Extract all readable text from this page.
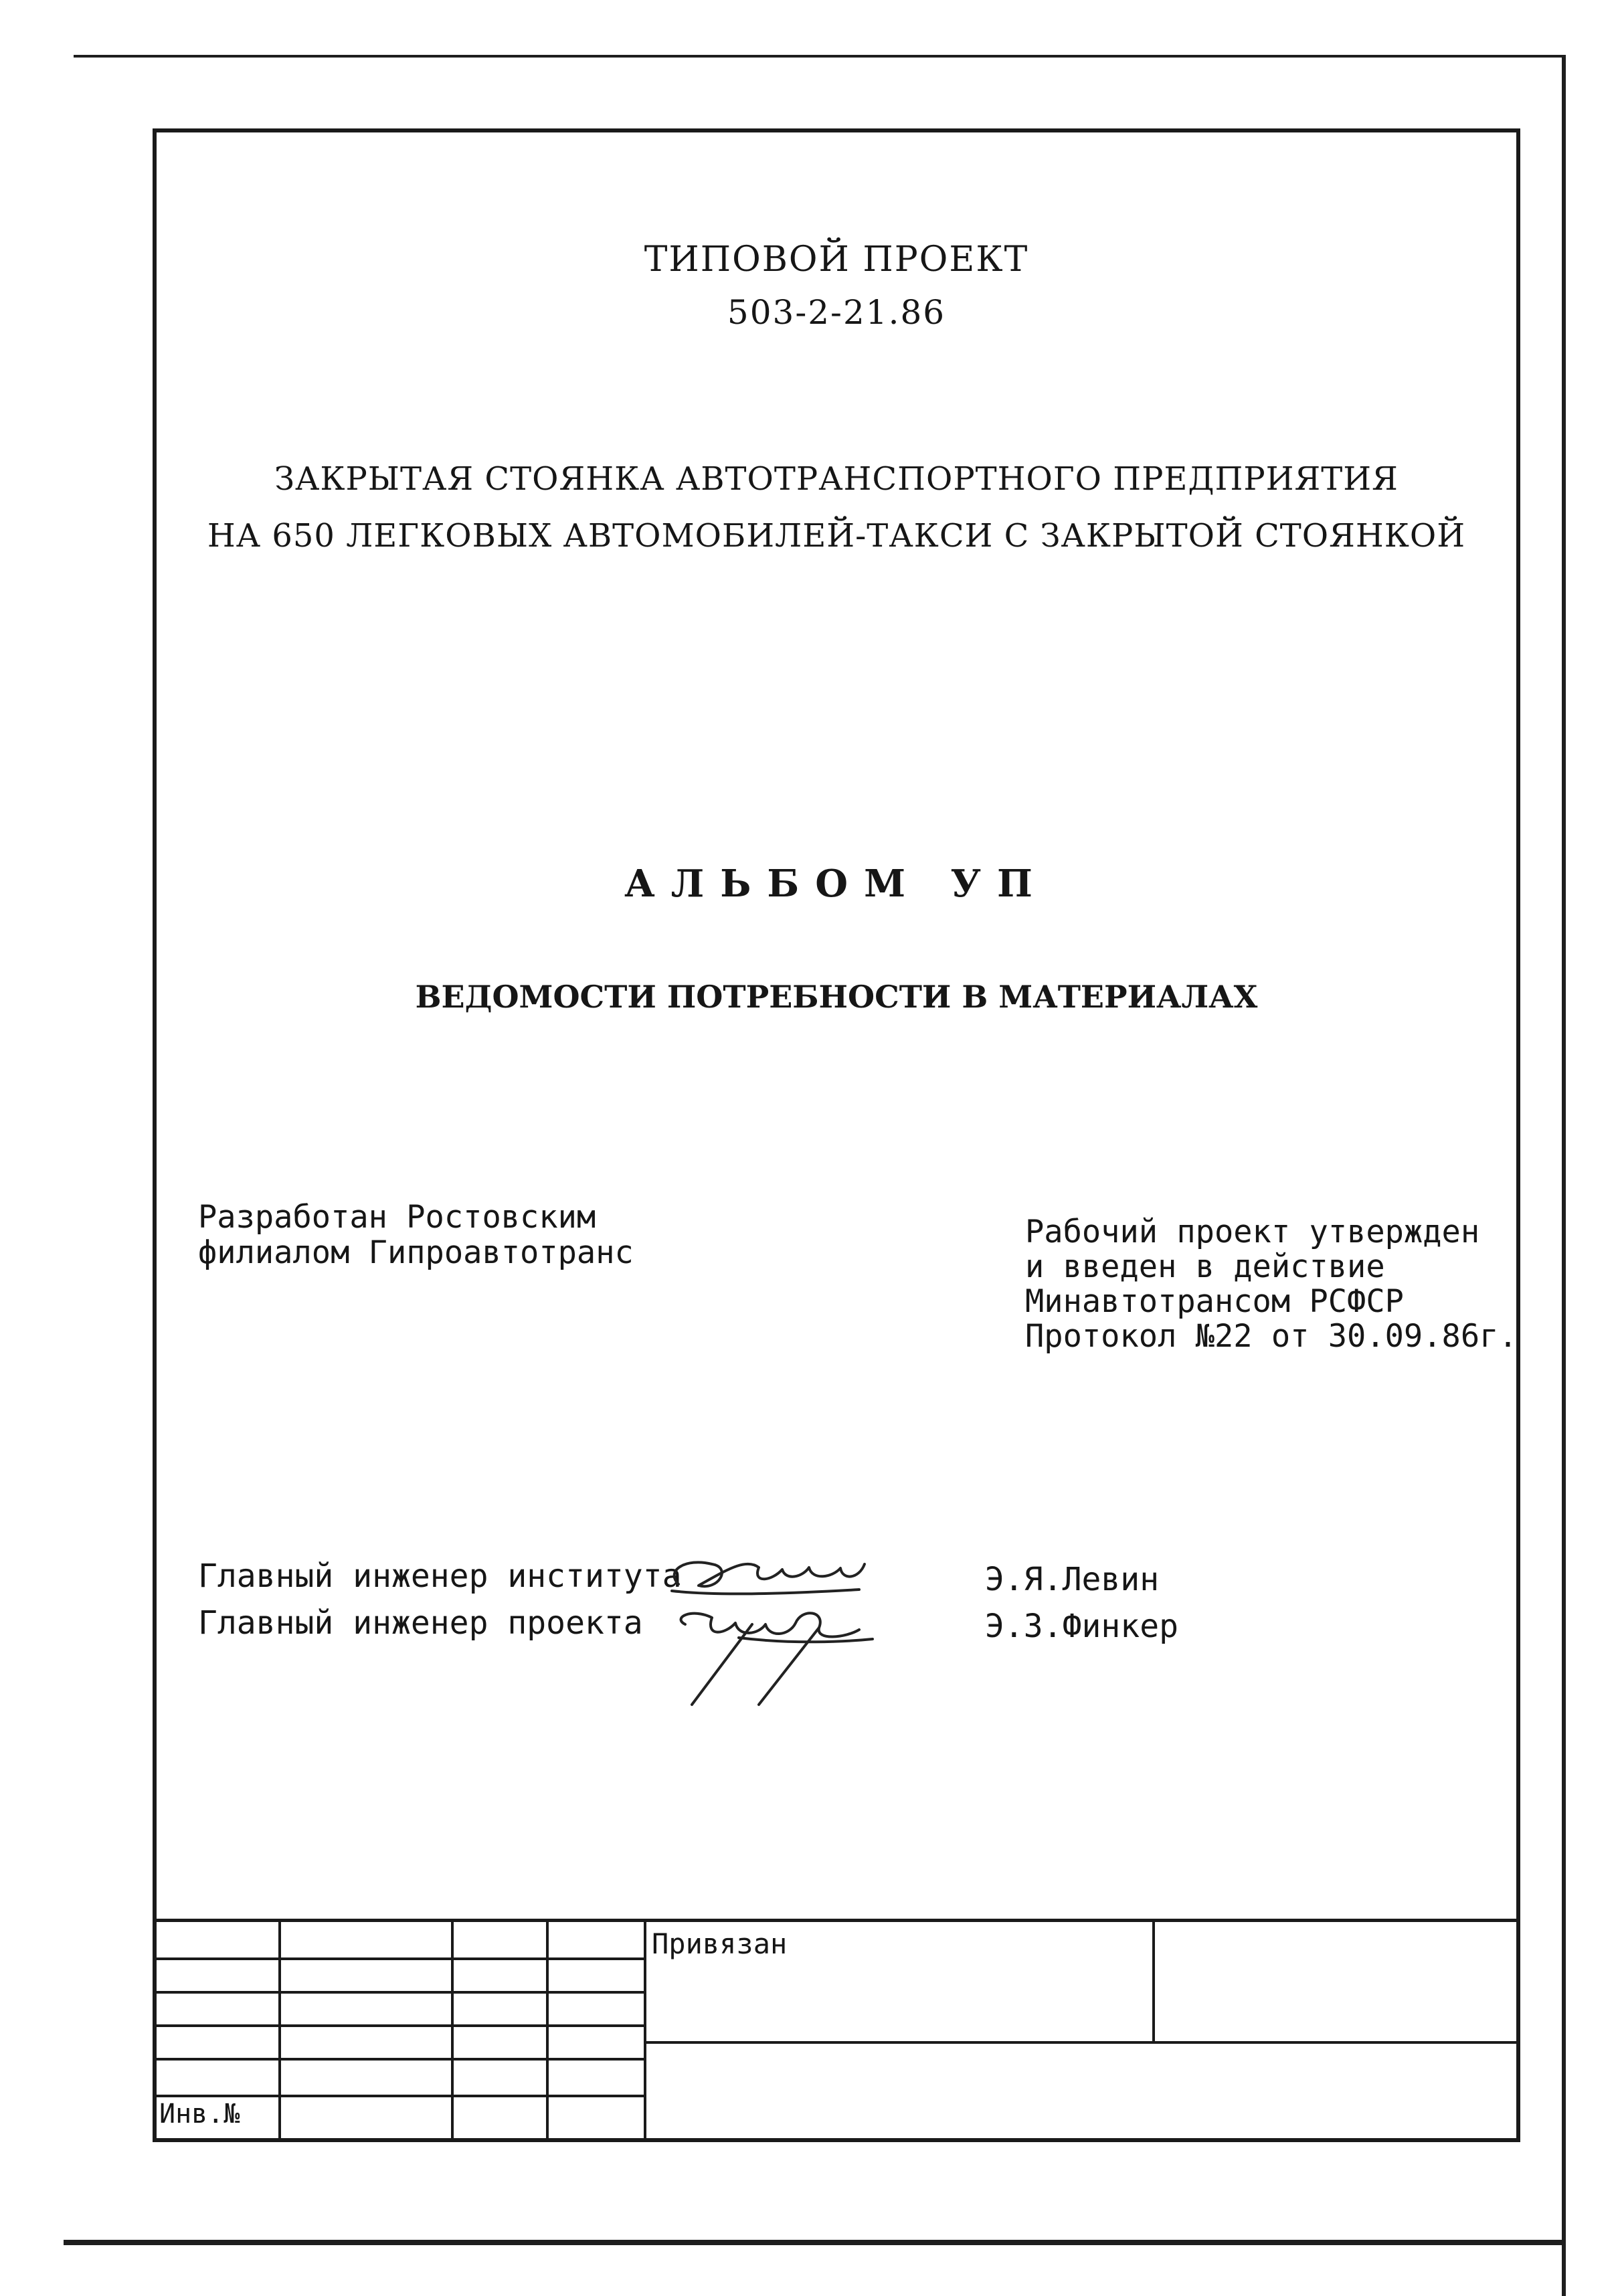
ТИПОВОЙ ПРОЕКТ
503-2-21.86
ЗАКРЫТАЯ СТОЯНКА АВТОТРАНСПОРТНОГО ПРЕДПРИЯТИЯ
НА 650 ЛЕГКОВЫХ АВТОМОБИЛЕЙ-ТАКСИ С ЗАКРЫТОЙ СТОЯНКОЙ
АЛЬБОМ УП
ВЕДОМОСТИ ПОТРЕБНОСТИ В МАТЕРИАЛАХ
Разработан Ростовским
филиалом Гипроавтотранс
Рабочий проект утвержден
и введен в действие
Минавтотрансом РСФСР
Протокол №22 от 30.09.86г.
Главный инженер института
Главный инженер проекта
Э.Я.Левин
Э.З.Финкер
Привязан
Инв.№
